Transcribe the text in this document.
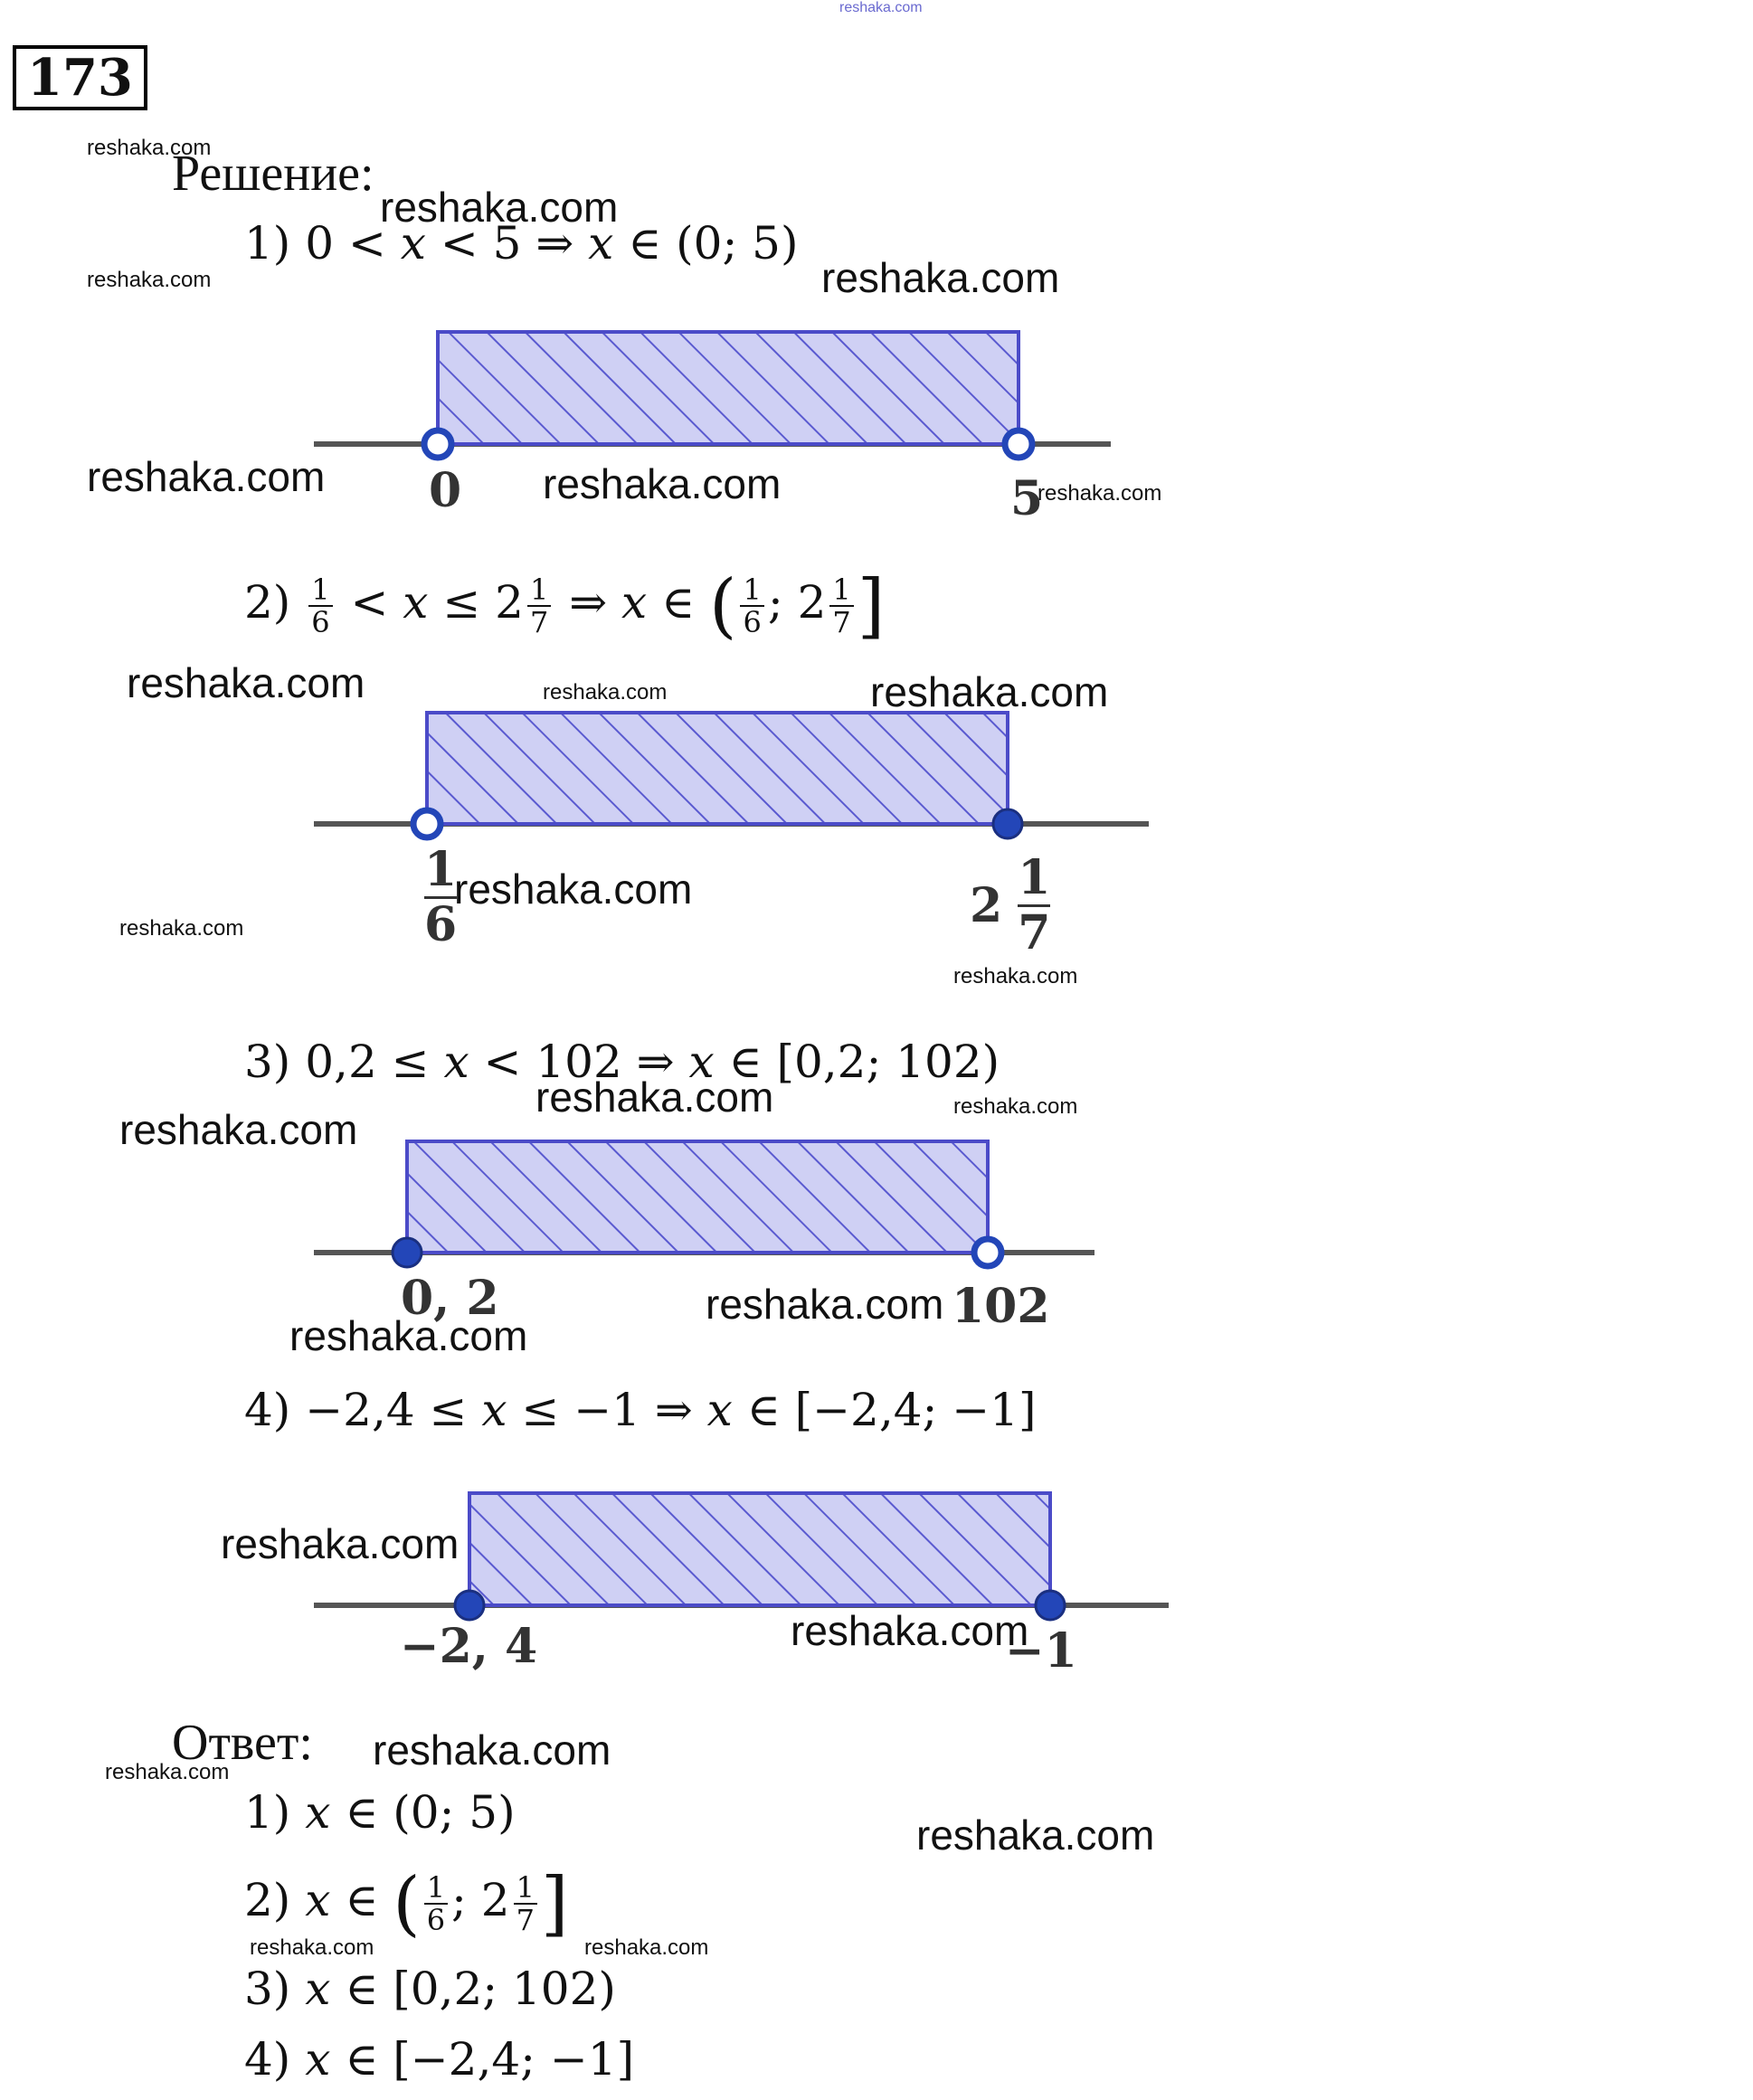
reshaka.com
173
Решение:
1) 0 < x < 5 ⇒ x ∈ (0; 5)
$2) \frac{1}{6} < x \le 2 \frac{1}{7}$ ⇒ x ∈ ( $\frac{1}{6}$ ; $2 \frac{1}{7}$ ]
3) 0,2 ≤ x < 102 ⇒ x ∈ [0,2; 102)
4) −2,4 ≤ x ≤ −1 ⇒ x ∈ [−2,4; −1]
0	5
$\frac{1}{6}$	$2 \frac{1}{7}$
0, 2	102
−2, 4	−1
Ответ:
1) x ∈ (0; 5)
2) x ∈ ( $\frac{1}{6}$ ; $2 \frac{1}{7}$ ]
3) x ∈ [0,2; 102)
4) x ∈ [−2,4; −1]
reshaka.com
reshaka.com
reshaka.com	reshaka.com
reshaka.com	reshaka.com	reshaka.com
reshaka.com	reshaka.com	reshaka.com
reshaka.com
reshaka.com
reshaka.com
reshaka.com	reshaka.com
reshaka.com
reshaka.com
reshaka.com
reshaka.com
reshaka.com
reshaka.com
reshaka.com
reshaka.com
reshaka.com	reshaka.com
